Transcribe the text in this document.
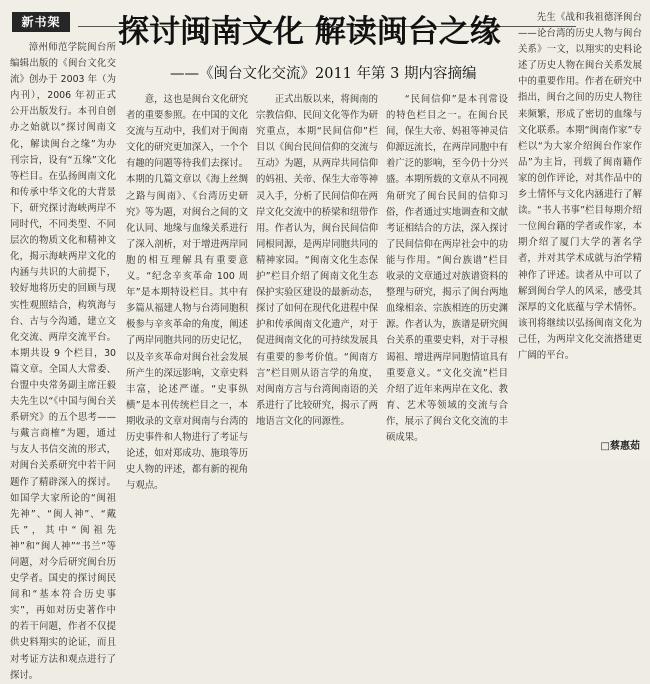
新书架	探讨闽南文化 解读闽台之缘
——《闽台文化交流》2011 年第 3 期内容摘编

漳州师范学院闽台所编辑出版的《闽台文化交流》创办于 2003 年（为内刊），2006 年初正式公开出版发行。本刊自创办之始就以“探讨闽南文化，解读闽台之缘”为办刊宗旨，设有“五缘”文化等栏目。在弘扬闽南文化和传承中华文化的大背景下，研究探讨海峡两岸不同时代，不同类型、不同层次的物质文化和精神文化，揭示海峡两岸文化的内涵与共识的大前提下，较好地将历史的回顾与现实性观照结合，构筑海与台、古与今沟通，建立文化交流、两岸交流平台。本期共设 9 个栏目，30 篇文章。全国人大常委、台盟中央常务副主席汪毅夫先生以“《中国与闽台关系研究》的五个思考——与戴言商榷”为题，通过与友人书信交流的形式，对闽台关系研究中若干问题作了精辟深入的探讨。如国学大家所论的“闽祖先神”、“闽人神”、“戴氏”，其中“闽祖先神”和“闽人神”“书兰”等问题，对今后研究闽台历史学者。国史的探讨闽民间和“基本符合历史事实”，再如对历史著作中的若干问题，作者不仅提供史料翔实的论证，而且对考证方法和观点进行了探讨。

意，这也是闽台文化研究者的重要参照。在中国的文化交流与互动中，我们对于闽南文化的研究更加深入，一个个有趣的问题等待我们去探讨。本期的几篇文章以《海上丝绸之路与闽南》、《台湾历史研究》等为题，对闽台之间的文化认同、地缘与血缘关系进行了深入剖析，对于增进两岸同胞的相互理解具有重要意义。“纪念辛亥革命 100 周年”是本期特设栏目。其中有多篇从福建人物与台湾同胞积极参与辛亥革命的角度，阐述了两岸同胞共同的历史记忆，以及辛亥革命对闽台社会发展所产生的深远影响，文章史料丰富，论述严谨。“史事纵横”是本刊传统栏目之一，本期收录的文章对闽南与台湾的历史事件和人物进行了考证与论述，如对郑成功、施琅等历史人物的评述，都有新的视角与观点。

正式出版以来，将闽南的宗教信仰、民间文化等作为研究重点，本期“民间信仰”栏目以《闽台民间信仰的交流与互动》为题，从两岸共同信仰的妈祖、关帝、保生大帝等神灵入手，分析了民间信仰在两岸文化交流中的桥梁和纽带作用。作者认为，闽台民间信仰同根同源，是两岸同胞共同的精神家园。“闽南文化生态保护”栏目介绍了闽南文化生态保护实验区建设的最新动态，探讨了如何在现代化进程中保护和传承闽南文化遗产，对于促进闽南文化的可持续发展具有重要的参考价值。“闽南方言”栏目则从语言学的角度，对闽南方言与台湾闽南语的关系进行了比较研究，揭示了两地语言文化的同源性。

“民间信仰”是本刊常设的特色栏目之一。在闽台民间，保生大帝、妈祖等神灵信仰源远流长，在两岸同胞中有着广泛的影响，至今仍十分兴盛。本期所载的文章从不同视角研究了闽台民间的信仰习俗，作者通过实地调查和文献考证相结合的方法，深入探讨了民间信仰在两岸社会中的功能与作用。“闽台族谱”栏目收录的文章通过对族谱资料的整理与研究，揭示了闽台两地血缘相亲、宗族相连的历史渊源。作者认为，族谱是研究闽台关系的重要史料，对于寻根谒祖、增进两岸同胞情谊具有重要意义。“文化交流”栏目介绍了近年来两岸在文化、教育、艺术等领域的交流与合作，展示了闽台文化交流的丰硕成果。

先生《战和我祖德泽闽台——论台湾的历史人物与闽台关系》一文，以翔实的史料论述了历史人物在闽台关系发展中的重要作用。作者在研究中指出，闽台之间的历史人物往来频繁，形成了密切的血缘与文化联系。本期“闽南作家”专栏以“为大家介绍闽台作家作品”为主旨，刊载了闽南籍作家的创作评论，对其作品中的乡土情怀与文化内涵进行了解读。“书人书事”栏目每期介绍一位闽台籍的学者或作家，本期介绍了厦门大学的著名学者，并对其学术成就与治学精神作了评述。读者从中可以了解到闽台学人的风采，感受其深厚的文化底蕴与学术情怀。该刊将继续以弘扬闽南文化为己任，为两岸文化交流搭建更广阔的平台。

□蔡惠茹
